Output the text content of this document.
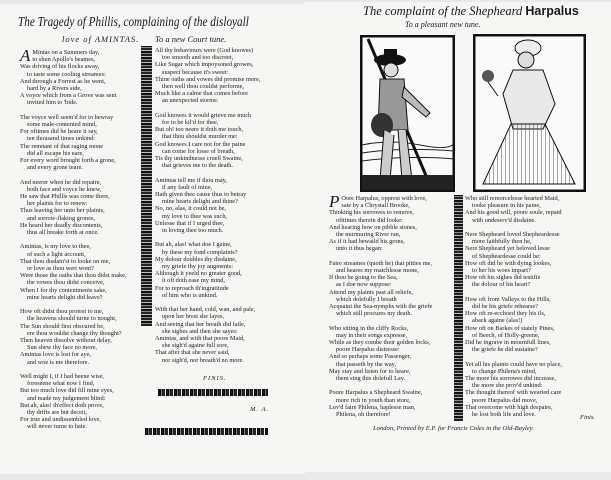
The Tragedy of Phillis, complaining of the disloyall
love of AMINTAS. To a new Court tune.
A Mintas on a Summers day,
to shun Apollo's beames,
Was driving of his flocks away,
to taste some cooling streames:
And through a Forrest as he went,
hard by a Rivers side,
A voyce which from a Grove was sent
invited him to 'bide.
The voyce well seem'd for to bewray
some male-contented mind,
For oftimes did he heare it say,
ten thousand times unkind:
The remnant of that raging mone
did all escape his eare,
For every word brought forth a grone,
and every grone teare.
And neerer when he did repaire,
both face and voyce he knew,
He saw that Phillis was come there,
her plaints for to renew:
Thus leaving her unto her plaints,
and sorrow-flaking grones,
He heard her deadly discontents,
thus all breake forth at once.
Amintas, is my love to thee,
of such a light account,
That thou disdain'st to looke on me,
or love as thou wert wont?
Were those the oaths that thou didst make,
the vowes thou didst conceive,
When I for thy contentments sake,
mine hearts delight did leave?
How oft didst thou protest to me,
the heavens should turne to nought,
The Sun should first obscured be,
ere thou wouldst change thy thought?
Then heaven dissolve without delay,
Sun shew thy face no more,
Amintas love is lost for aye,
and woe is me therefore.
Well might I, if I had beene wise,
foreseene what now I find,
But too much love did fill mine eyes,
and made my judgement blind:
But ah, alas! th'effect doth prove,
thy drifts are but deceit,
For true and undissembled love,
will never turne to hate.
All thy behaviours were (God knowes)
too smooth and too discreet,
Like Sugar which impoysoned growes,
suspect because it's sweet:
Thine oaths and vowes did promise more,
then well thou couldst performe,
Much like a calme that comes before
an unexpected storme.
God knowes it would grieve me much
for to be kil'd for thee,
But oh! too neere it doth me touch,
that thou shouldst murder me:
God knowes I care not for the paine
can come for losse of breath,
Tis thy unkindnesse cruell Swaine,
that grieves me to the death.
Amintas tell me if thou may,
if any fault of mine,
Hath given thee cause thus to betray
mine hearts delight and thine?
No, no, alas, it could not be,
my love to thee was such,
Unlesse that if I urged thee,
in loving thee too much.
But ah, alas! what doe I gaine,
by these my fond complaints?
My dolour doubles thy disdaine,
my griefe thy joy augments:
Although it yeeld no greater good,
it oft doth ease my mind,
For to reproach th'ingratitude
of him who is unkind.
With that her hand, cold, wan, and pale,
upon her brest she layes,
And seeing that her breath did faile,
she sighes and then she sayes:
Amintas, and with that poore Maid,
she sigh'd againe full sore,
That after that she never said,
nor sigh'd, nor breath'd no more.
FINIS.
M. A.
The complaint of the Shepheard Harpalus
To a pleasant new tune.
P Oore Harpalus, opprest with love,
sate by a Chrystall Brooke,
Thinking his sorrowes to remove,
ofttimes therein did looke:
And hearing how on pibble stones,
the murmuring River ran,
As if it had bewaild his grons,
unto it thus began:
Faire streames (quoth he) that pitties me,
and heares my matchlesse mone,
If thou be going to the Sea,
as I doe now suppose:
Attend my plaints past all reliefe,
which dolefully I breath
Acquaint the Sea-nymphs with the griefe
which still procures my death.
Who sitting in the cliffy Rocks,
may in their songs expresse,
While as they combe their golden locks,
poore Harpalus distresse:
And so perhaps some Passenger,
that passeth by the way,
May stay and listen for to heare,
them sing this dolefull Lay.
Poore Harpalus a Shepheard Swaine,
more rich in youth than store,
Lov'd faire Philena, haplesse man,
Philena, oh therefore!
Who still remorcelesse hearted Maid,
tooke pleasure in his paine,
And his good will, poore soule, repaid
with undeserv'd disdaine.
Nere Shepheard loved Shepheardesse
more faithfully then he,
Nere Shepheard yet beloved lesse
of Shepheardesse could be:
How oft did he with dying lookes,
to her his woes impart?
How oft his sighes did testifie
the dolour of his heart?
How oft from Valleys to the Hills,
did he his griefe rehearse?
How oft re-ecchoed they his ils,
aback againe (alas!)
How oft on Barkes of stately Pines,
of Beech, of Holly-greene,
Did he ingrave in mournfull lines,
the griefe he did sustaine?
Yet all his plaints could have no place,
to change Philena's mind,
The more his sorrowes did increase,
the more she prov'd unkind:
The thought thereof with wearied care
poore Harpalus did move,
That overcome with high despaire,
he lost both life and love.	Finis.
London, Printed by E.P. for Francis Coles in the Old-Bayley.
